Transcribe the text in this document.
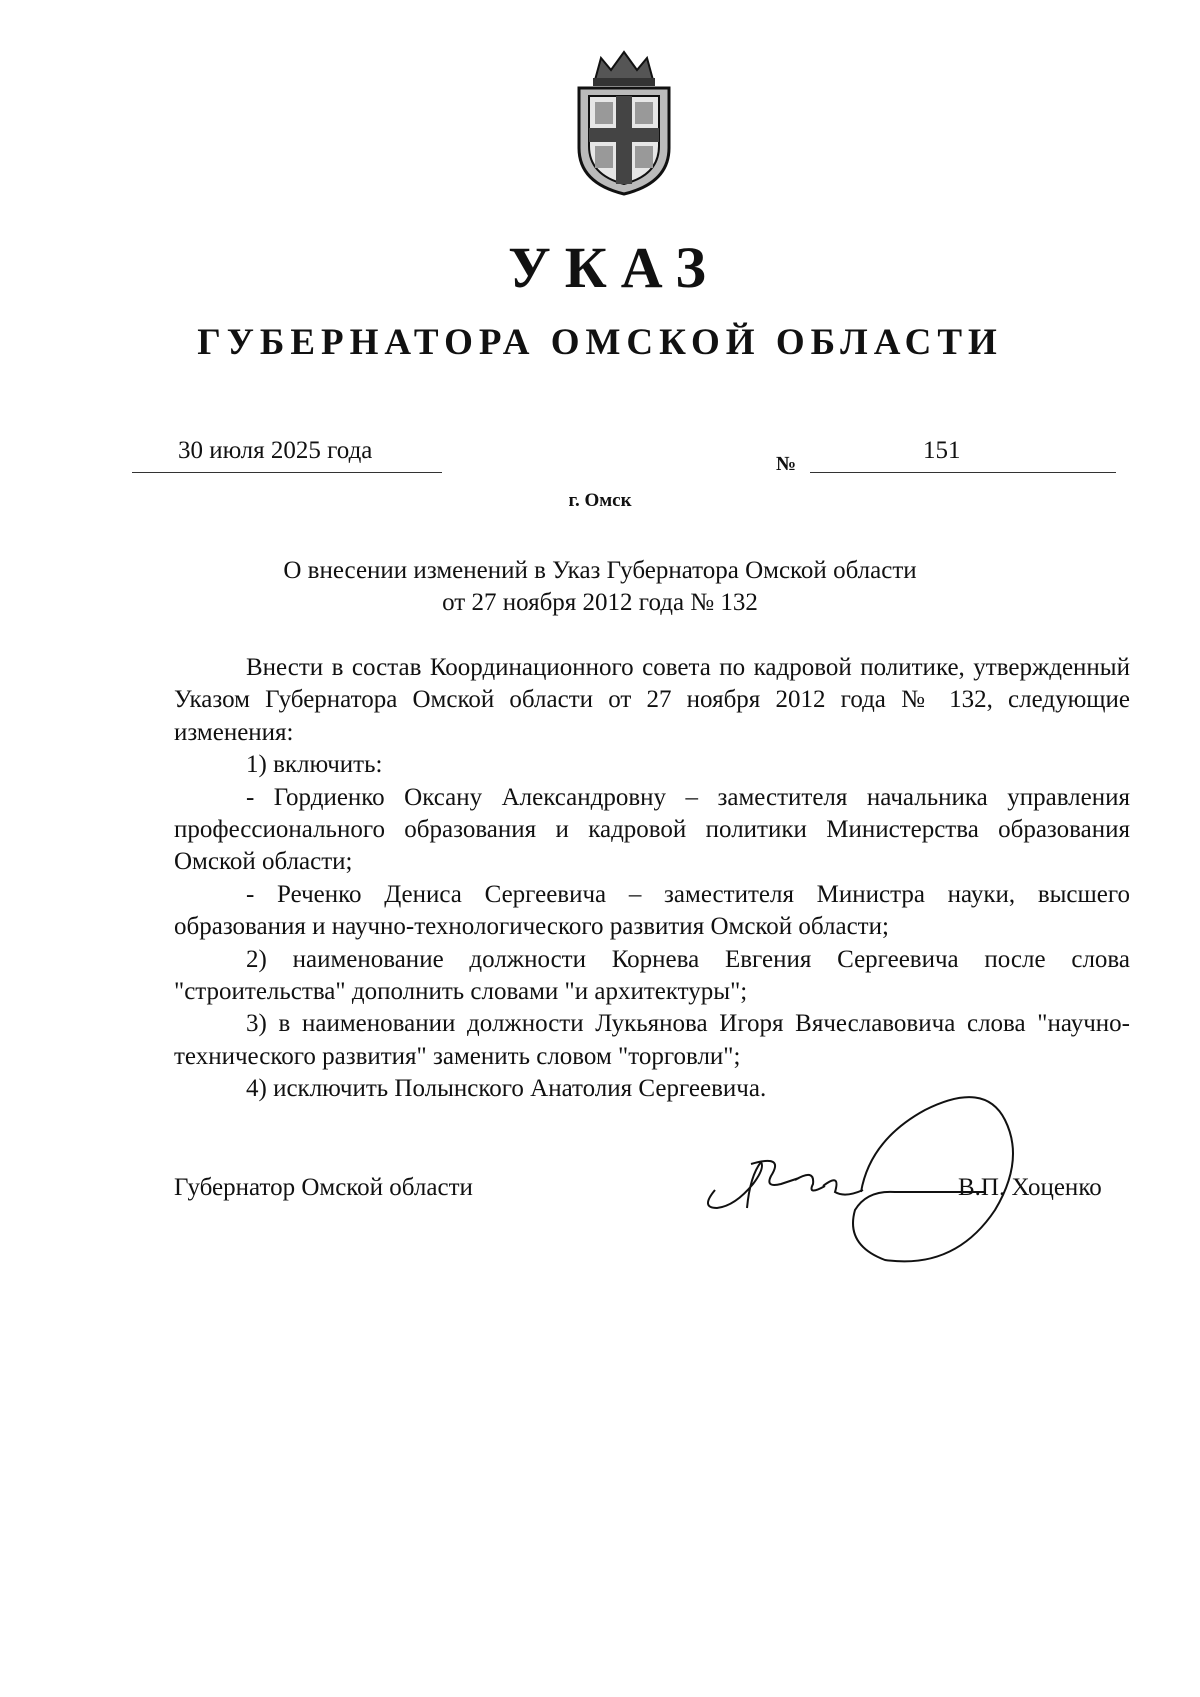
УКАЗ
ГУБЕРНАТОРА ОМСКОЙ ОБЛАСТИ
30 июля 2025 года	№	151
г. Омск
О внесении изменений в Указ Губернатора Омской области
от 27 ноября 2012 года № 132

Внести в состав Координационного совета по кадровой политике, утвержденный Указом Губернатора Омской области от 27 ноября 2012 года № 132, следующие изменения:

1) включить:

- Гордиенко Оксану Александровну – заместителя начальника управления профессионального образования и кадровой политики Министерства образования Омской области;

- Реченко Дениса Сергеевича – заместителя Министра науки, высшего образования и научно-технологического развития Омской области;

2) наименование должности Корнева Евгения Сергеевича после слова "строительства" дополнить словами "и архитектуры";

3) в наименовании должности Лукьянова Игоря Вячеславовича слова "научно-технического развития" заменить словом "торговли";

4) исключить Полынского Анатолия Сергеевича.

Губернатор Омской области	В.П. Хоценко
